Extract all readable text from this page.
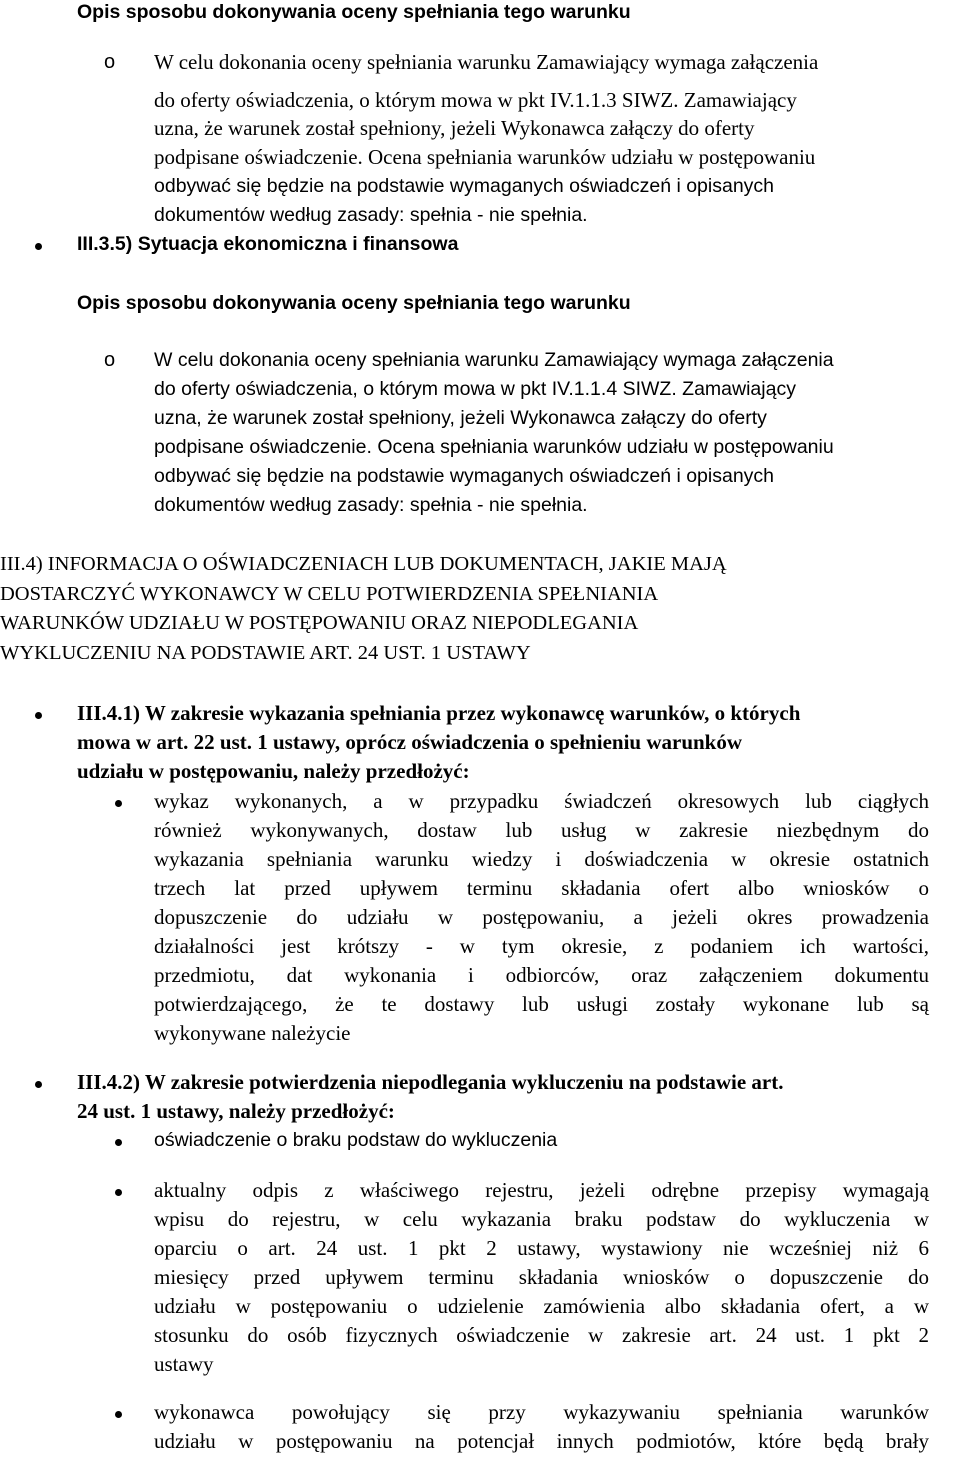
Opis sposobu dokonywania oceny spełniania tego warunku
o W celu dokonania oceny spełniania warunku Zamawiający wymaga załączenia
do oferty oświadczenia, o którym mowa w pkt IV.1.1.3 SIWZ. Zamawiający
uzna, że warunek został spełniony, jeżeli Wykonawca załączy do oferty
podpisane oświadczenie. Ocena spełniania warunków udziału w postępowaniu
odbywać się będzie na podstawie wymaganych oświadczeń i opisanych
dokumentów według zasady: spełnia - nie spełnia.
III.3.5) Sytuacja ekonomiczna i finansowa
Opis sposobu dokonywania oceny spełniania tego warunku
o W celu dokonania oceny spełniania warunku Zamawiający wymaga załączenia
do oferty oświadczenia, o którym mowa w pkt IV.1.1.4 SIWZ. Zamawiający
uzna, że warunek został spełniony, jeżeli Wykonawca załączy do oferty
podpisane oświadczenie. Ocena spełniania warunków udziału w postępowaniu
odbywać się będzie na podstawie wymaganych oświadczeń i opisanych
dokumentów według zasady: spełnia - nie spełnia.
III.4) INFORMACJA O OŚWIADCZENIACH LUB DOKUMENTACH, JAKIE MAJĄ
DOSTARCZYĆ WYKONAWCY W CELU POTWIERDZENIA SPEŁNIANIA
WARUNKÓW UDZIAŁU W POSTĘPOWANIU ORAZ NIEPODLEGANIA
WYKLUCZENIU NA PODSTAWIE ART. 24 UST. 1 USTAWY
III.4.1) W zakresie wykazania spełniania przez wykonawcę warunków, o których
mowa w art. 22 ust. 1 ustawy, oprócz oświadczenia o spełnieniu warunków
udziału w postępowaniu, należy przedłożyć:
wykaz wykonanych, a w przypadku świadczeń okresowych lub ciągłych
również wykonywanych, dostaw lub usług w zakresie niezbędnym do
wykazania spełniania warunku wiedzy i doświadczenia w okresie ostatnich
trzech lat przed upływem terminu składania ofert albo wniosków o
dopuszczenie do udziału w postępowaniu, a jeżeli okres prowadzenia
działalności jest krótszy - w tym okresie, z podaniem ich wartości,
przedmiotu, dat wykonania i odbiorców, oraz załączeniem dokumentu
potwierdzającego, że te dostawy lub usługi zostały wykonane lub są
wykonywane należycie
III.4.2) W zakresie potwierdzenia niepodlegania wykluczeniu na podstawie art.
24 ust. 1 ustawy, należy przedłożyć:
oświadczenie o braku podstaw do wykluczenia
aktualny odpis z właściwego rejestru, jeżeli odrębne przepisy wymagają
wpisu do rejestru, w celu wykazania braku podstaw do wykluczenia w
oparciu o art. 24 ust. 1 pkt 2 ustawy, wystawiony nie wcześniej niż 6
miesięcy przed upływem terminu składania wniosków o dopuszczenie do
udziału w postępowaniu o udzielenie zamówienia albo składania ofert, a w
stosunku do osób fizycznych oświadczenie w zakresie art. 24 ust. 1 pkt 2
ustawy
wykonawca powołujący się przy wykazywaniu spełniania warunków
udziału w postępowaniu na potencjał innych podmiotów, które będą brały
